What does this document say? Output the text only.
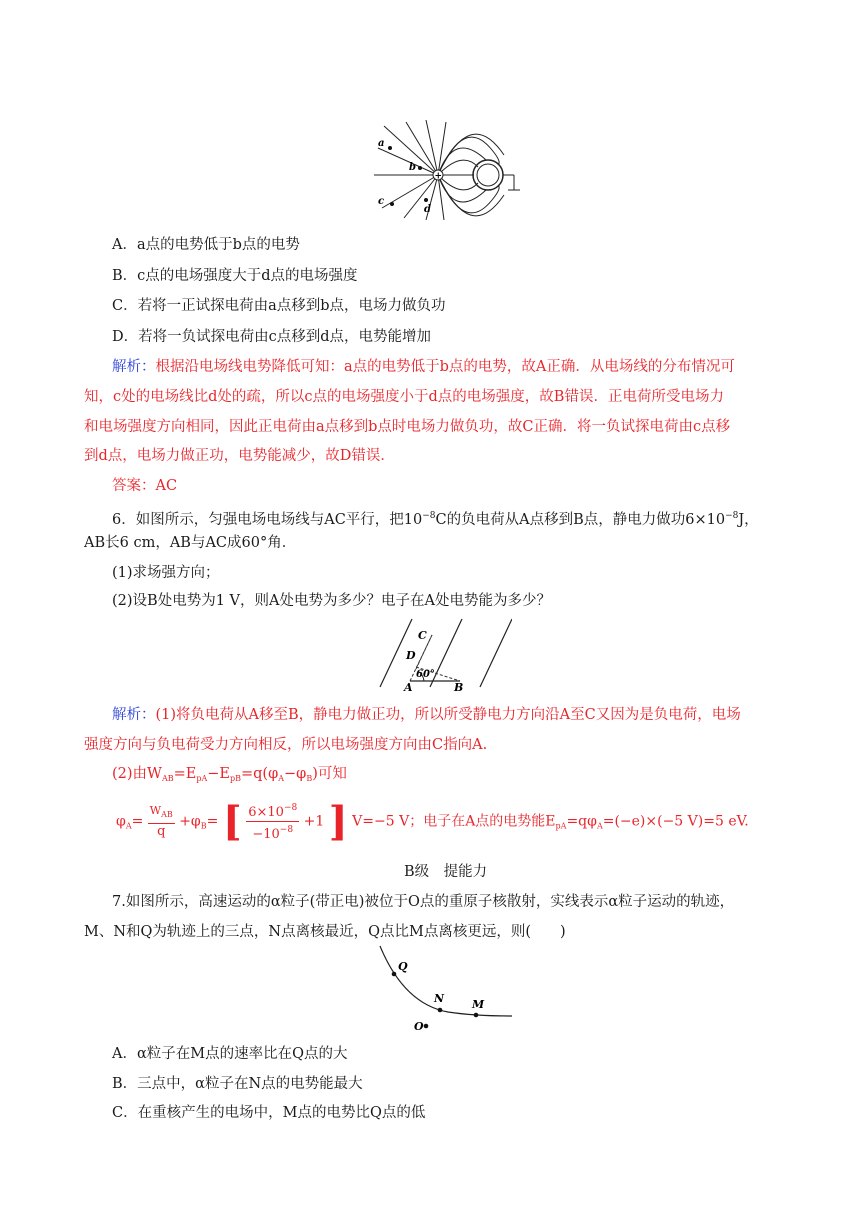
+
a
b
c
d
A．a点的电势低于b点的电势
B．c点的电场强度大于d点的电场强度
C．若将一正试探电荷由a点移到b点，电场力做负功
D．若将一负试探电荷由c点移到d点，电势能增加
解析：根据沿电场线电势降低可知：a点的电势低于b点的电势，故A正确．从电场线的分布情况可
知，c处的电场线比d处的疏，所以c点的电场强度小于d点的电场强度，故B错误．正电荷所受电场力
和电场强度方向相同，因此正电荷由a点移到b点时电场力做负功，故C正确．将一负试探电荷由c点移
到d点，电场力做正功，电势能减少，故D错误．
答案：AC
6．如图所示，匀强电场电场线与AC平行，把$10^{-8}C$的负电荷从A点移到B点，静电力做功$6\times 10^{-8}J$，
AB长6 cm，AB与AC成60°角．
(1)求场强方向；
(2)设B处电势为1 V，则A处电势为多少？电子在A处电势能为多少？
C
D
60°
A	B
解析：(1)将负电荷从A移至B，静电力做正功，所以所受静电力方向沿A至C又因为是负电荷，电场
强度方向与负电荷受力方向相反，所以电场强度方向由C指向A.
(2)由$W_{AB}=E_{pA}-E_{pB}=q(\varphi_A-\varphi_B)$可知
$\varphi_A= \frac{W_{AB}}{q} +\varphi_B=$ [ $\frac{6\times 10^{-8}}{-10^{-8}} +1$ ] V=−5 V；电子在A点的电势能$E_{pA}=q\varphi_A=(-e)\times(-5$ V)=5 eV.
B级　提能力
7.如图所示，高速运动的α粒子(带正电)被位于O点的重原子核散射，实线表示α粒子运动的轨迹，
M、N和Q为轨迹上的三点，N点离核最近，Q点比M点离核更远，则(　　)
Q
N	M
O
A．α粒子在M点的速率比在Q点的大
B．三点中，α粒子在N点的电势能最大
C．在重核产生的电场中，M点的电势比Q点的低
